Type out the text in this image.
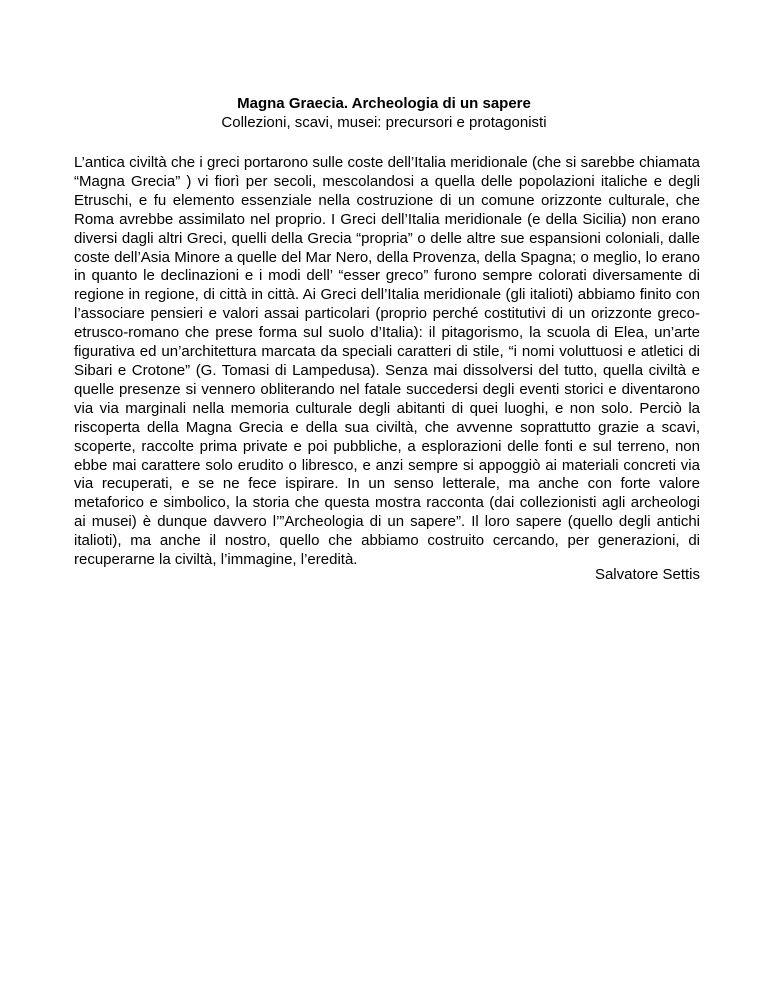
Magna Graecia. Archeologia di un sapere
Collezioni, scavi, musei: precursori e protagonisti

L’antica civiltà che i greci portarono sulle coste dell’Italia meridionale (che si sarebbe chiamata “Magna Grecia” ) vi fiorì per secoli, mescolandosi a quella delle popolazioni italiche e degli Etruschi, e fu elemento essenziale nella costruzione di un comune orizzonte culturale, che Roma avrebbe assimilato nel proprio. I Greci dell’Italia meridionale (e della Sicilia) non erano diversi dagli altri Greci, quelli della Grecia “propria” o delle altre sue espansioni coloniali, dalle coste dell’Asia Minore a quelle del Mar Nero, della Provenza, della Spagna; o meglio, lo erano in quanto le declinazioni e i modi dell’ “esser greco” furono sempre colorati diversamente di regione in regione, di città in città. Ai Greci dell’Italia meridionale (gli italioti) abbiamo finito con l’associare pensieri e valori assai particolari (proprio perché costitutivi di un orizzonte greco-etrusco-romano che prese forma sul suolo d’Italia): il pitagorismo, la scuola di Elea, un’arte figurativa ed un’architettura marcata da speciali caratteri di stile, “i nomi voluttuosi e atletici di Sibari e Crotone” (G. Tomasi di Lampedusa). Senza mai dissolversi del tutto, quella civiltà e quelle presenze si vennero obliterando nel fatale succedersi degli eventi storici e diventarono via via marginali nella memoria culturale degli abitanti di quei luoghi, e non solo. Perciò la riscoperta della Magna Grecia e della sua civiltà, che avvenne soprattutto grazie a scavi, scoperte, raccolte prima private e poi pubbliche, a esplorazioni delle fonti e sul terreno, non ebbe mai carattere solo erudito o libresco, e anzi sempre si appoggiò ai materiali concreti via via recuperati, e se ne fece ispirare. In un senso letterale, ma anche con forte valore metaforico e simbolico, la storia che questa mostra racconta (dai collezionisti agli archeologi ai musei) è dunque davvero l’”Archeologia di un sapere”. Il loro sapere (quello degli antichi italioti), ma anche il nostro, quello che abbiamo costruito cercando, per generazioni, di recuperarne la civiltà, l’immagine, l’eredità.

Salvatore Settis
